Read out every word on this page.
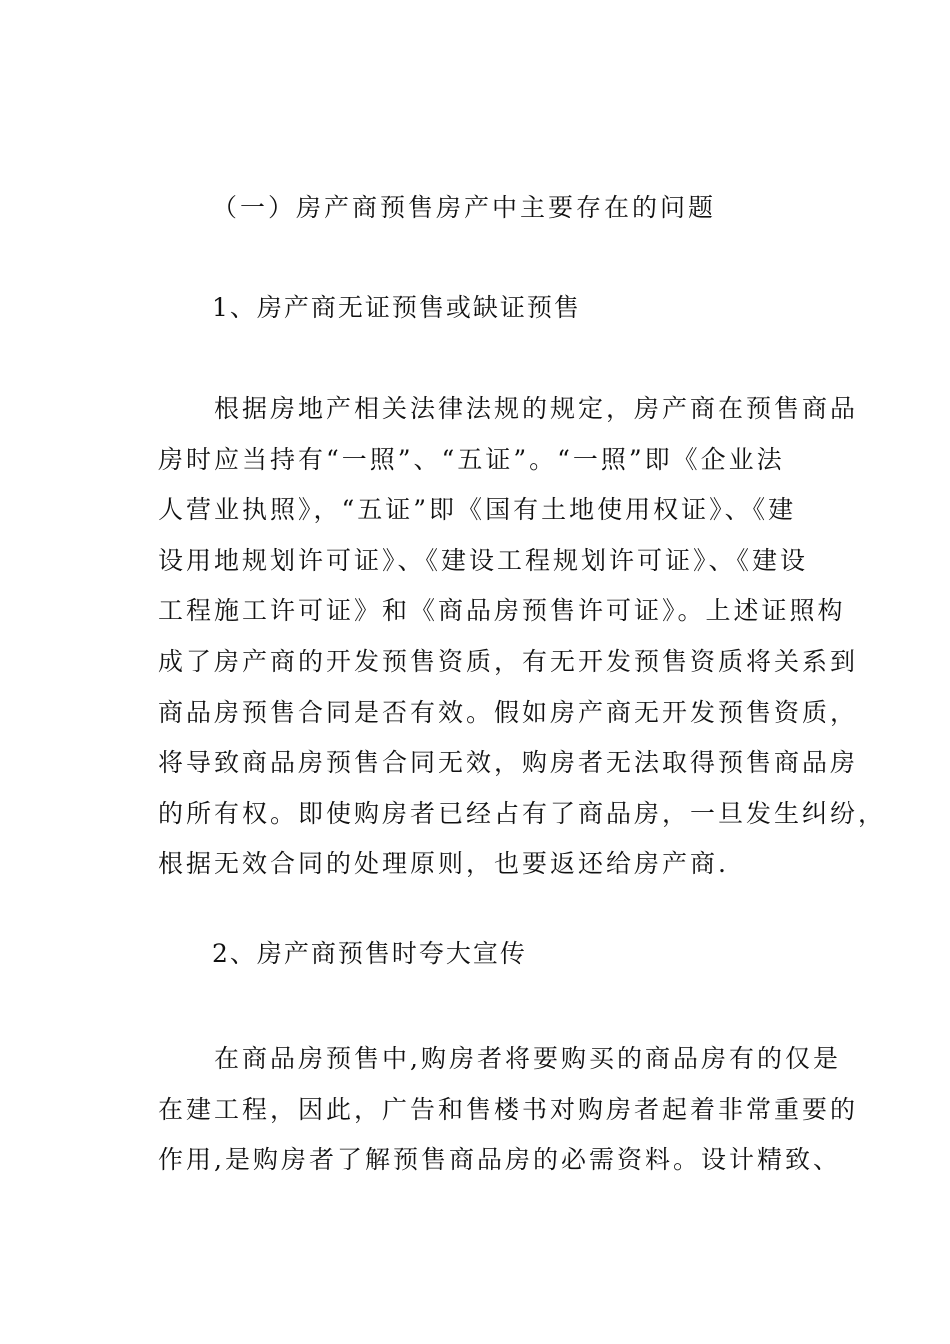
（一）房产商预售房产中主要存在的问题
1、房产商无证预售或缺证预售
　　根据房地产相关法律法规的规定，房产商在预售商品
房时应当持有“一照”、“五证”。“一照”即《企业法
人营业执照》，“五证”即《国有土地使用权证》、《建
设用地规划许可证》、《建设工程规划许可证》、《建设
工程施工许可证》和《商品房预售许可证》。上述证照构
成了房产商的开发预售资质，有无开发预售资质将关系到
商品房预售合同是否有效。假如房产商无开发预售资质，
将导致商品房预售合同无效，购房者无法取得预售商品房
的所有权。即使购房者已经占有了商品房，一旦发生纠纷，
根据无效合同的处理原则，也要返还给房产商.
2、房产商预售时夸大宣传
　　在商品房预售中,购房者将要购买的商品房有的仅是
在建工程，因此，广告和售楼书对购房者起着非常重要的
作用,是购房者了解预售商品房的必需资料。设计精致、
